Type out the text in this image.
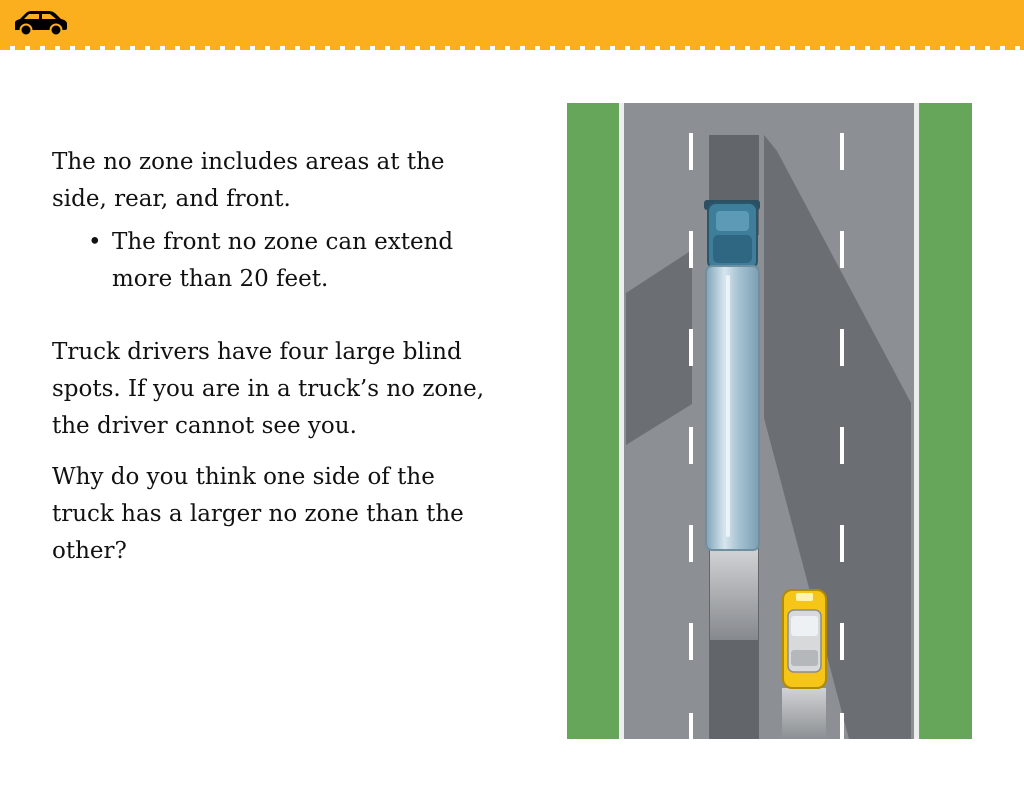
The no zone includes areas at the side, rear, and front.

• The front no zone can extend more than 20 feet.

Truck drivers have four large blind spots. If you are in a truck’s no zone, the driver cannot see you.

Why do you think one side of the truck has a larger no zone than the other?
